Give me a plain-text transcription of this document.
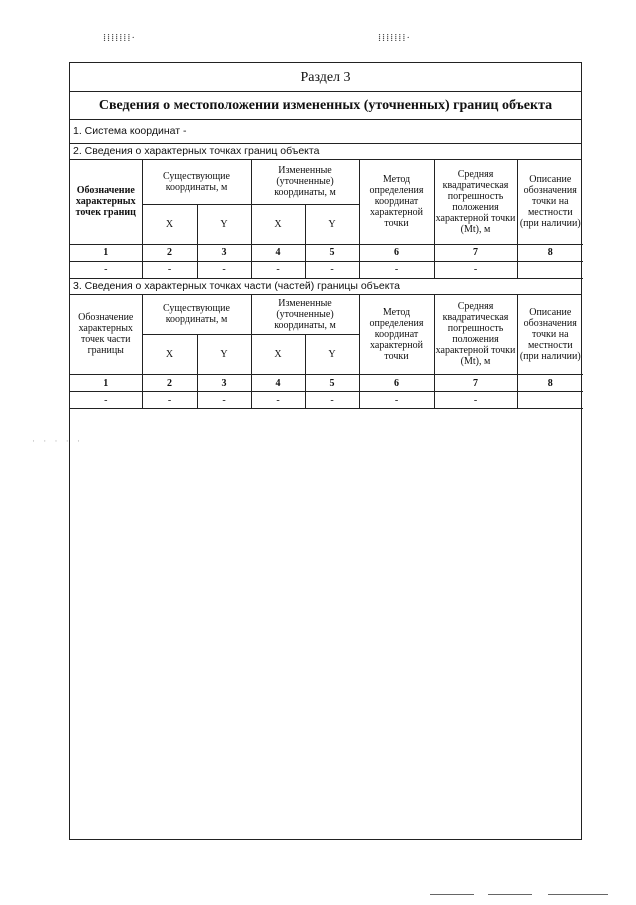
⁞⁞⁞⁞⁞⁞⁞·	⁞⁞⁞⁞⁞⁞⁞·
· · · · ·
Раздел 3
Сведения о местоположении измененных (уточненных) границ объекта
1. Система координат -
2. Сведения о характерных точках границ объекта
Обозначение характерных точек границ	Существующие координаты, м		Измененные (уточненные) координаты, м		Метод определения координат характерной точки	Средняя квадратическая погрешность положения характерной точки (Mt), м	Описание обозначения точки на местности (при наличии)
	X	Y	X	Y			
1	2	3	4	5	6	7	8
-	-	-	-	-	-	-	
3. Сведения о характерных точках части (частей) границы объекта
Обозначение характерных точек части границы	Существующие координаты, м		Измененные (уточненные) координаты, м		Метод определения координат характерной точки	Средняя квадратическая погрешность положения характерной точки (Mt), м	Описание обозначения точки на местности (при наличии)
	X	Y	X	Y			
1	2	3	4	5	6	7	8
-	-	-	-	-	-	-	
